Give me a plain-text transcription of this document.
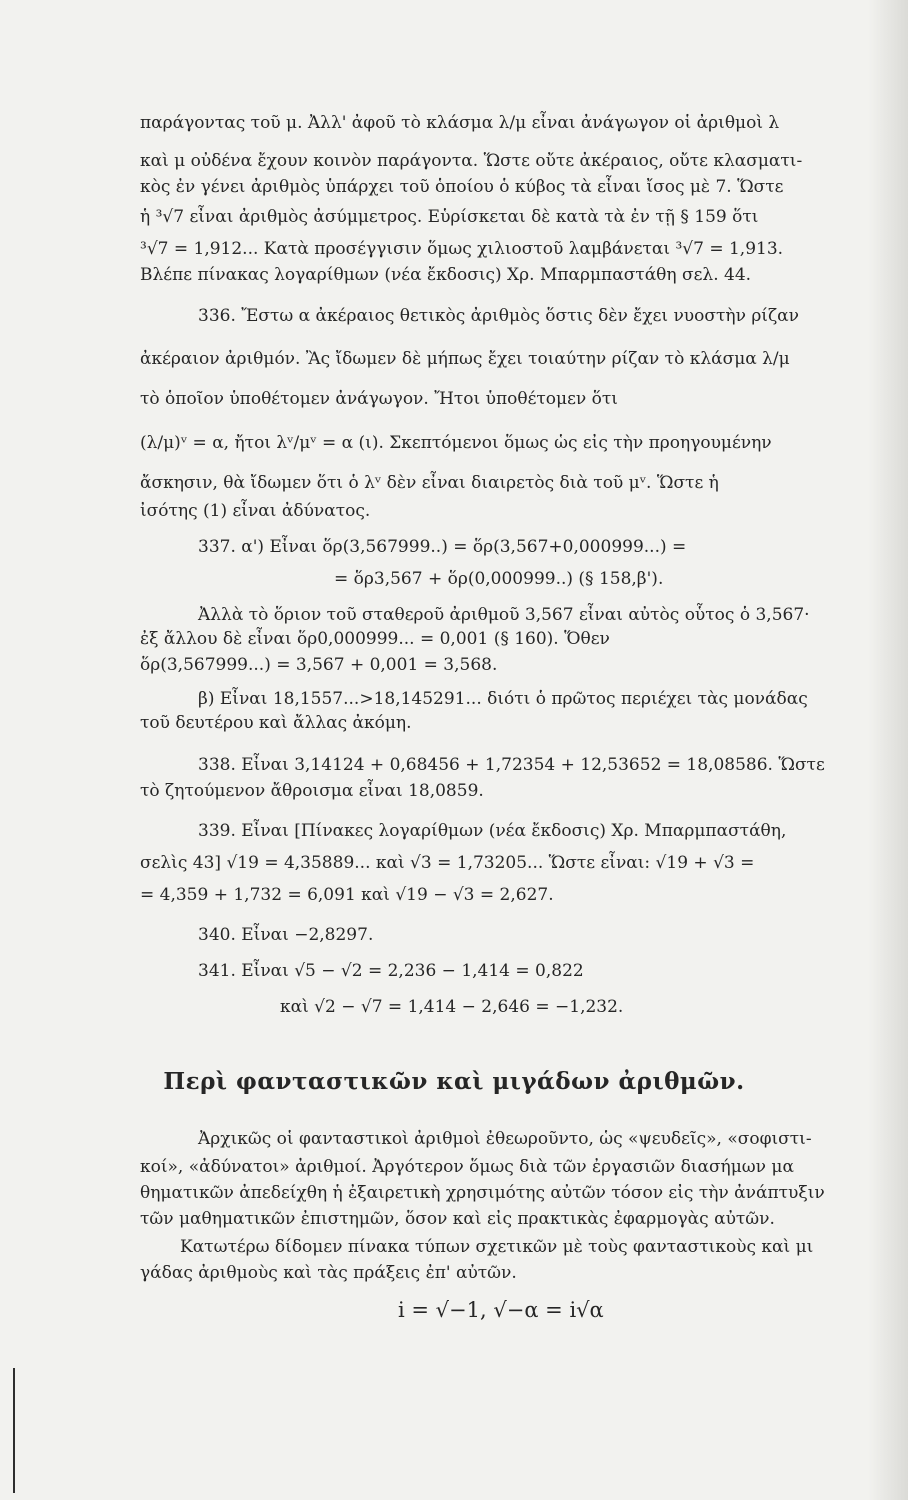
παράγοντας τοῦ μ. Ἀλλ' ἀφοῦ τὸ κλάσμα λ/μ εἶναι ἀνάγωγον οἱ ἀριθμοὶ λ
καὶ μ οὐδένα ἔχουν κοινὸν παράγοντα. Ὥστε οὔτε ἀκέραιος, οὔτε κλασματι-
κὸς ἐν γένει ἀριθμὸς ὑπάρχει τοῦ ὁποίου ὁ κύβος τὰ εἶναι ἴσος μὲ 7. Ὥστε
ἡ ³√7 εἶναι ἀριθμὸς ἀσύμμετρος. Εὑρίσκεται δὲ κατὰ τὰ ἐν τῇ § 159 ὅτι
³√7 = 1,912... Κατὰ προσέγγισιν ὅμως χιλιοστοῦ λαμβάνεται ³√7 = 1,913.
Βλέπε πίνακας λογαρίθμων (νέα ἔκδοσις) Χρ. Μπαρμπαστάθη σελ. 44.
336. Ἔστω α ἀκέραιος θετικὸς ἀριθμὸς ὅστις δὲν ἔχει νυοστὴν ρίζαν
ἀκέραιον ἀριθμόν. Ἂς ἴδωμεν δὲ μήπως ἔχει τοιαύτην ρίζαν τὸ κλάσμα λ/μ
τὸ ὁποῖον ὑποθέτομεν ἀνάγωγον. Ἤτοι ὑποθέτομεν ὅτι
(λ/μ)ᵛ = α, ἤτοι λᵛ/μᵛ = α (ι). Σκεπτόμενοι ὅμως ὡς εἰς τὴν προηγουμένην
ἄσκησιν, θὰ ἴδωμεν ὅτι ὁ λᵛ δὲν εἶναι διαιρετὸς διὰ τοῦ μᵛ. Ὥστε ἡ
ἰσότης (1) εἶναι ἀδύνατος.
337. α') Εἶναι ὅρ(3,567999..) = ὅρ(3,567+0,000999...) =
= ὅρ3,567 + ὅρ(0,000999..) (§ 158,β').
Ἀλλὰ τὸ ὅριον τοῦ σταθεροῦ ἀριθμοῦ 3,567 εἶναι αὐτὸς οὗτος ὁ 3,567·
ἐξ ἄλλου δὲ εἶναι ὅρ0,000999... = 0,001 (§ 160). Ὅθεν
ὅρ(3,567999...) = 3,567 + 0,001 = 3,568.
β) Εἶναι 18,1557...>18,145291... διότι ὁ πρῶτος περιέχει τὰς μονάδας
τοῦ δευτέρου καὶ ἄλλας ἀκόμη.
338. Εἶναι 3,14124 + 0,68456 + 1,72354 + 12,53652 = 18,08586. Ὥστε
τὸ ζητούμενον ἄθροισμα εἶναι 18,0859.
339. Εἶναι [Πίνακες λογαρίθμων (νέα ἔκδοσις) Χρ. Μπαρμπαστάθη,
σελὶς 43] √19 = 4,35889... καὶ √3 = 1,73205... Ὥστε εἶναι: √19 + √3 =
= 4,359 + 1,732 = 6,091 καὶ √19 − √3 = 2,627.
340. Εἶναι −2,8297.
341. Εἶναι √5 − √2 = 2,236 − 1,414 = 0,822
καὶ √2 − √7 = 1,414 − 2,646 = −1,232.
Περὶ φανταστικῶν καὶ μιγάδων ἀριθμῶν.
Ἀρχικῶς οἱ φανταστικοὶ ἀριθμοὶ ἐθεωροῦντο, ὡς «ψευδεῖς», «σοφιστι-
κοί», «ἀδύνατοι» ἀριθμοί. Ἀργότερον ὅμως διὰ τῶν ἐργασιῶν διασήμων μα
θηματικῶν ἀπεδείχθη ἡ ἐξαιρετικὴ χρησιμότης αὐτῶν τόσον εἰς τὴν ἀνάπτυξιν
τῶν μαθηματικῶν ἐπιστημῶν, ὅσον καὶ εἰς πρακτικὰς ἐφαρμογὰς αὐτῶν.
Κατωτέρω δίδομεν πίνακα τύπων σχετικῶν μὲ τοὺς φανταστικοὺς καὶ μι
γάδας ἀριθμοὺς καὶ τὰς πράξεις ἐπ' αὐτῶν.
i = √−1, √−α = i√α
